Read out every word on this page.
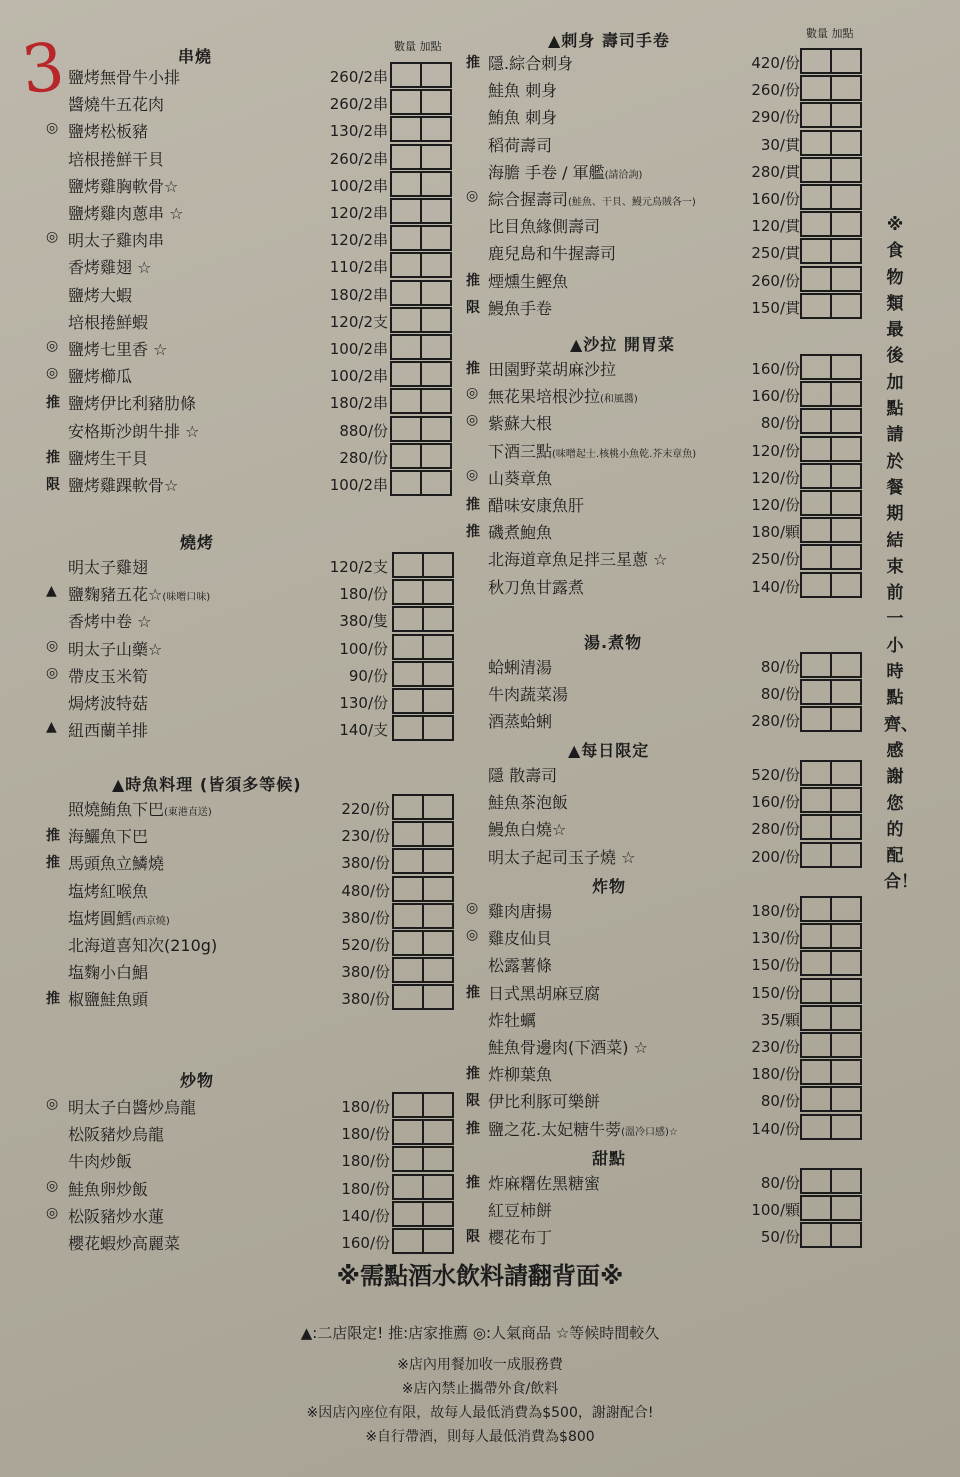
3	數量 加點
數量 加點
※食物類最後加點請於餐期結束前一小時點齊、感謝您的配合！
串燒
鹽烤無骨牛小排	260/2串
醬燒牛五花肉	260/2串
◎ 鹽烤松板豬	130/2串
培根捲鮮干貝	260/2串
鹽烤雞胸軟骨☆	100/2串
鹽烤雞肉蔥串 ☆	120/2串
◎ 明太子雞肉串	120/2串
香烤雞翅 ☆	110/2串
鹽烤大蝦	180/2串
培根捲鮮蝦	120/2支
◎ 鹽烤七里香 ☆	100/2串
◎ 鹽烤櫛瓜	100/2串
推 鹽烤伊比利豬肋條	180/2串
安格斯沙朗牛排 ☆	880/份
推 鹽烤生干貝	280/份
限 鹽烤雞踝軟骨☆	100/2串
燒烤
明太子雞翅	120/2支
▲ 鹽麴豬五花☆(味噌口味)	180/份
香烤中卷 ☆	380/隻
◎ 明太子山藥☆	100/份
◎ 帶皮玉米筍	90/份
焗烤波特菇	130/份
▲ 紐西蘭羊排	140/支
▲時魚料理 (皆須多等候)
照燒鮪魚下巴(東港直送)	220/份
推 海鱺魚下巴	230/份
推 馬頭魚立鱗燒	380/份
塩烤紅喉魚	480/份
塩烤圓鱈(西京燒)	380/份
北海道喜知次(210g)	520/份
塩麴小白鯧	380/份
推 椒鹽鮭魚頭	380/份
炒物
◎ 明太子白醬炒烏龍	180/份
松阪豬炒烏龍	180/份
牛肉炒飯	180/份
◎ 鮭魚卵炒飯	180/份
◎ 松阪豬炒水蓮	140/份
櫻花蝦炒高麗菜	160/份
▲刺身 壽司手卷
推 隱.綜合刺身	420/份
鮭魚 刺身	260/份
鮪魚 刺身	290/份
稻荷壽司	30/貫
海膽 手卷 / 軍艦(請洽詢)	280/貫
◎ 綜合握壽司(鮭魚、干貝、鰻元鳥賊各一)	160/份
比目魚緣側壽司	120/貫
鹿兒島和牛握壽司	250/貫
推 煙燻生鰹魚	260/份
限 鰻魚手卷	150/貫
▲沙拉 開胃菜
推 田園野菜胡麻沙拉	160/份
◎ 無花果培根沙拉(和風醬)	160/份
◎ 紫蘇大根	80/份
下酒三點(味噌起士.核桃小魚乾.芥末章魚)	120/份
◎ 山葵章魚	120/份
推 醋味安康魚肝	120/份
推 磯煮鮑魚	180/顆
北海道章魚足拌三星蔥 ☆	250/份
秋刀魚甘露煮	140/份
湯.煮物
蛤蜊清湯	80/份
牛肉蔬菜湯	80/份
酒蒸蛤蜊	280/份
▲每日限定
隱 散壽司	520/份
鮭魚茶泡飯	160/份
鰻魚白燒☆	280/份
明太子起司玉子燒 ☆	200/份
炸物
◎ 雞肉唐揚	180/份
◎ 雞皮仙貝	130/份
松露薯條	150/份
推 日式黑胡麻豆腐	150/份
炸牡蠣	35/顆
鮭魚骨邊肉(下酒菜) ☆	230/份
推 炸柳葉魚	180/份
限 伊比利豚可樂餅	80/份
推 鹽之花.太妃糖牛蒡(溫冷口感)☆	140/份
甜點
推 炸麻糬佐黑糖蜜	80/份
紅豆柿餅	100/顆
限 櫻花布丁	50/份
※需點酒水飲料請翻背面※
▲:二店限定! 推:店家推薦 ◎:人氣商品 ☆等候時間較久
※店內用餐加收一成服務費
※店內禁止攜帶外食/飲料
※因店內座位有限，故每人最低消費為$500，謝謝配合!
※自行帶酒，則每人最低消費為$800
